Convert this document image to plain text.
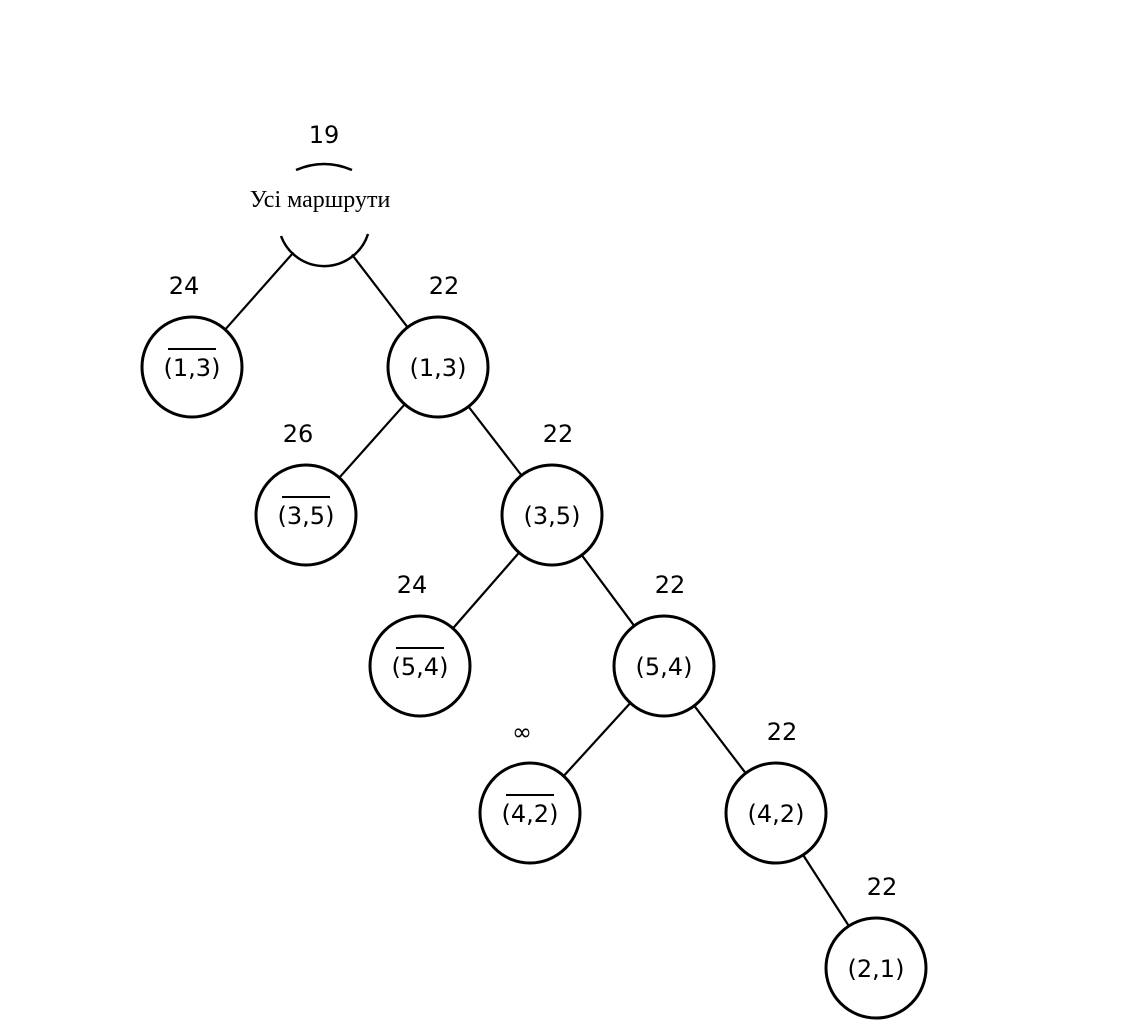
19
Усі маршрути
(1,3)
24
(1,3)
22
(3,5)
26
(3,5)
22
(5,4)
24
(5,4)
22
(4,2)
∞
(4,2)
22
(2,1)
22
